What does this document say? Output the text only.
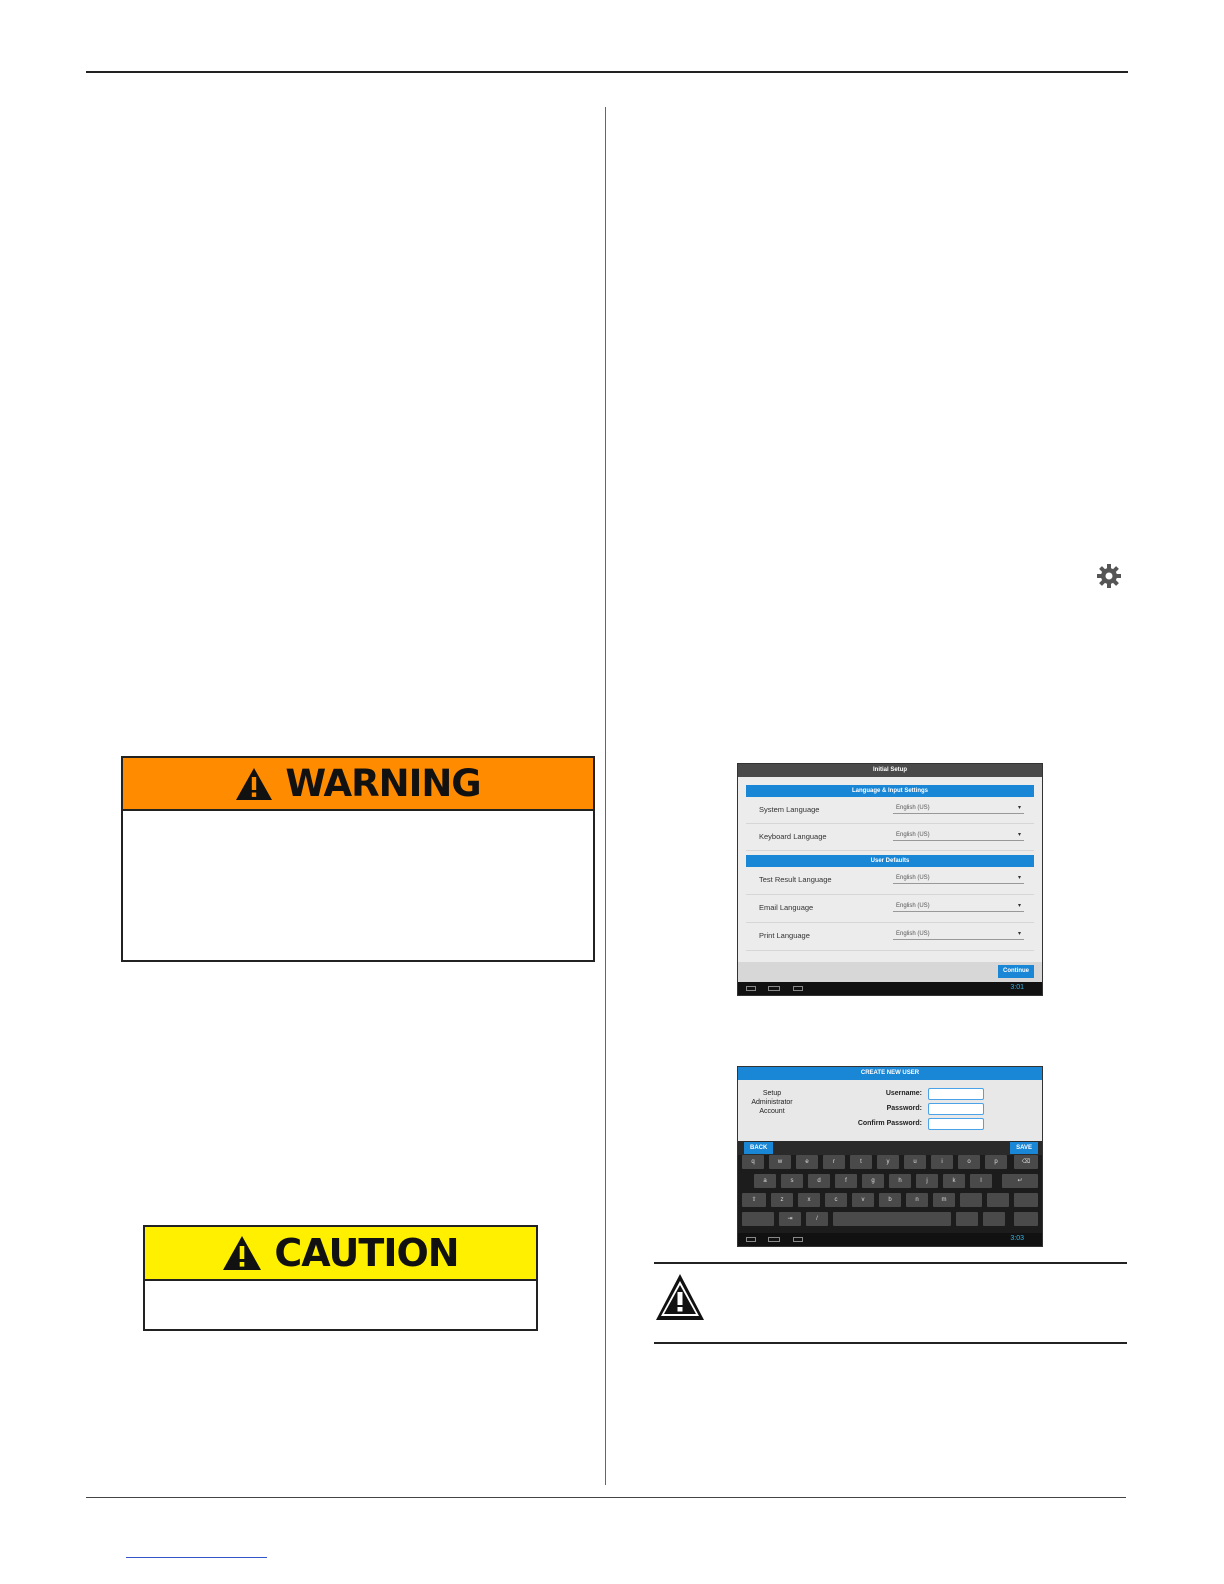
WARNING
CAUTION
Initial Setup
Language & Input Settings
System Language	English (US) ▾
Keyboard Language	English (US) ▾
User Defaults
Test Result Language	English (US) ▾
Email Language	English (US) ▾
Print Language	English (US) ▾
Continue
3:01
CREATE NEW USER
Setup
Administrator
Account
Username:
Password:
Confirm Password:
BACK	SAVE
q	w	e	r	t	y	u	i	o	p	⌫
a	s	d	f	g	h	j	k	l	↵
⇧	z	x	c	v	b	n	m
⇥	/
3:03
